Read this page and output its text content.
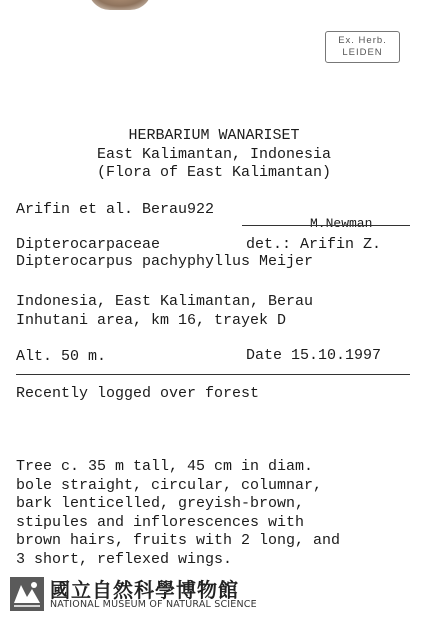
Ex. Herb.
LEIDEN
HERBARIUM WANARISET
East Kalimantan, Indonesia
(Flora of East Kalimantan)
Arifin et al. Berau922
M.Newman
Dipterocarpaceae	det.: Arifin Z.
Dipterocarpus pachyphyllus Meijer
Indonesia, East Kalimantan, Berau
Inhutani area, km 16, trayek D
Alt. 50 m.	Date 15.10.1997
Recently logged over forest
Tree c. 35 m tall, 45 cm in diam.
bole straight, circular, columnar,
bark lenticelled, greyish-brown,
stipules and inflorescences with
brown hairs, fruits with 2 long, and
3 short, reflexed wings.
國立自然科學博物館
NATIONAL MUSEUM OF NATURAL SCIENCE
